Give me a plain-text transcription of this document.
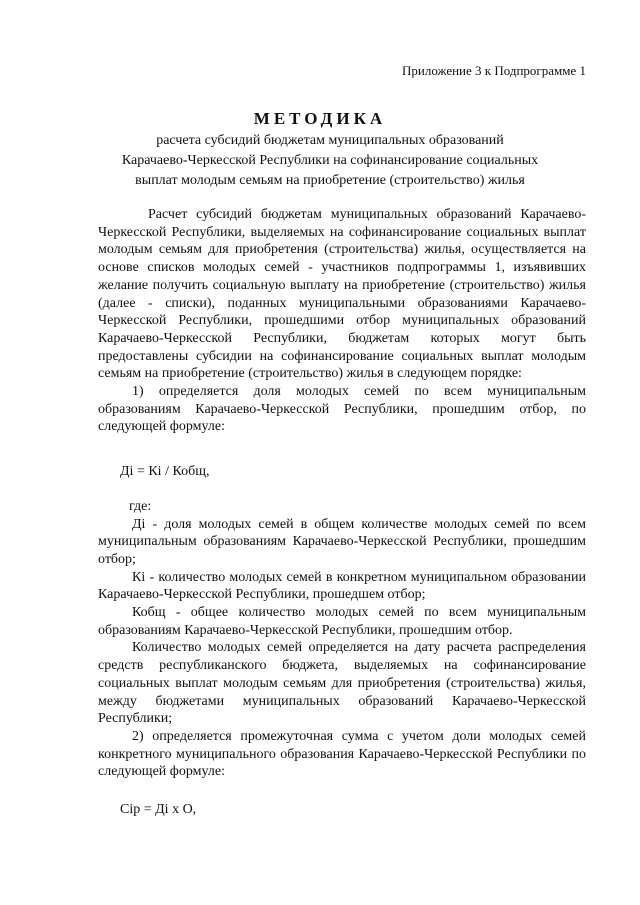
Приложение 3 к Подпрограмме 1
МЕТОДИКА
расчета субсидий бюджетам муниципальных образований
Карачаево-Черкесской Республики на софинансирование социальных
выплат молодым семьям на приобретение (строительство) жилья

Расчет субсидий бюджетам муниципальных образований Карачаево-Черкесской Республики, выделяемых на софинансирование социальных выплат молодым семьям для приобретения (строительства) жилья, осуществляется на основе списков молодых семей - участников подпрограммы 1, изъявивших желание получить социальную выплату на приобретение (строительство) жилья (далее - списки), поданных муниципальными образованиями Карачаево-Черкесской Республики, прошедшими отбор муниципальных образований Карачаево-Черкесской Республики, бюджетам которых могут быть предоставлены субсидии на софинансирование социальных выплат молодым семьям на приобретение (строительство) жилья в следующем порядке:

1) определяется доля молодых семей по всем муниципальным образованиям Карачаево-Черкесской Республики, прошедшим отбор, по следующей формуле:

Дi = Кi / Кобщ,

где:

Дi - доля молодых семей в общем количестве молодых семей по всем муниципальным образованиям Карачаево-Черкесской Республики, прошедшим отбор;

Кi - количество молодых семей в конкретном муниципальном образовании Карачаево-Черкесской Республики, прошедшем отбор;

Кобщ - общее количество молодых семей по всем муниципальным образованиям Карачаево-Черкесской Республики, прошедшим отбор.

Количество молодых семей определяется на дату расчета распределения средств республиканского бюджета, выделяемых на софинансирование социальных выплат молодым семьям для приобретения (строительства) жилья, между бюджетами муниципальных образований Карачаево-Черкесской Республики;

2) определяется промежуточная сумма с учетом доли молодых семей конкретного муниципального образования Карачаево-Черкесской Республики по следующей формуле:

Сiр = Дi х О,
